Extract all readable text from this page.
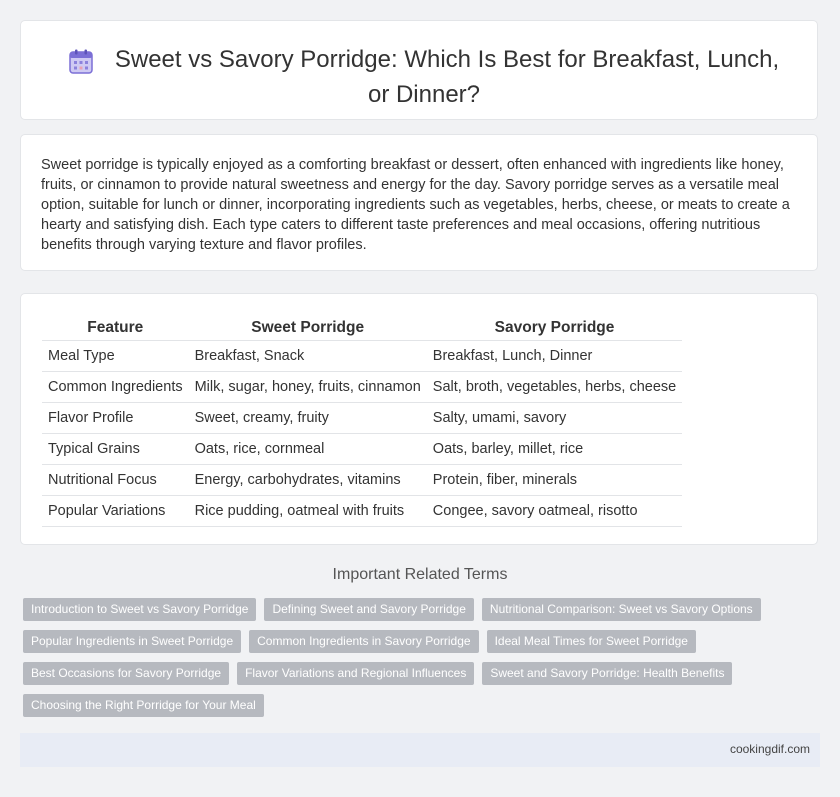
Sweet vs Savory Porridge: Which Is Best for Breakfast, Lunch, or Dinner?

Sweet porridge is typically enjoyed as a comforting breakfast or dessert, often enhanced with ingredients like honey, fruits, or cinnamon to provide natural sweetness and energy for the day. Savory porridge serves as a versatile meal option, suitable for lunch or dinner, incorporating ingredients such as vegetables, herbs, cheese, or meats to create a hearty and satisfying dish. Each type caters to different taste preferences and meal occasions, offering nutritious benefits through varying texture and flavor profiles.

Feature	Sweet Porridge	Savory Porridge
Meal Type	Breakfast, Snack	Breakfast, Lunch, Dinner
Common Ingredients	Milk, sugar, honey, fruits, cinnamon	Salt, broth, vegetables, herbs, cheese
Flavor Profile	Sweet, creamy, fruity	Salty, umami, savory
Typical Grains	Oats, rice, cornmeal	Oats, barley, millet, rice
Nutritional Focus	Energy, carbohydrates, vitamins	Protein, fiber, minerals
Popular Variations	Rice pudding, oatmeal with fruits	Congee, savory oatmeal, risotto
Important Related Terms
Introduction to Sweet vs Savory Porridge	Defining Sweet and Savory Porridge	Nutritional Comparison: Sweet vs Savory Options
Popular Ingredients in Sweet Porridge	Common Ingredients in Savory Porridge	Ideal Meal Times for Sweet Porridge
Best Occasions for Savory Porridge	Flavor Variations and Regional Influences	Sweet and Savory Porridge: Health Benefits
Choosing the Right Porridge for Your Meal
cookingdif.com
